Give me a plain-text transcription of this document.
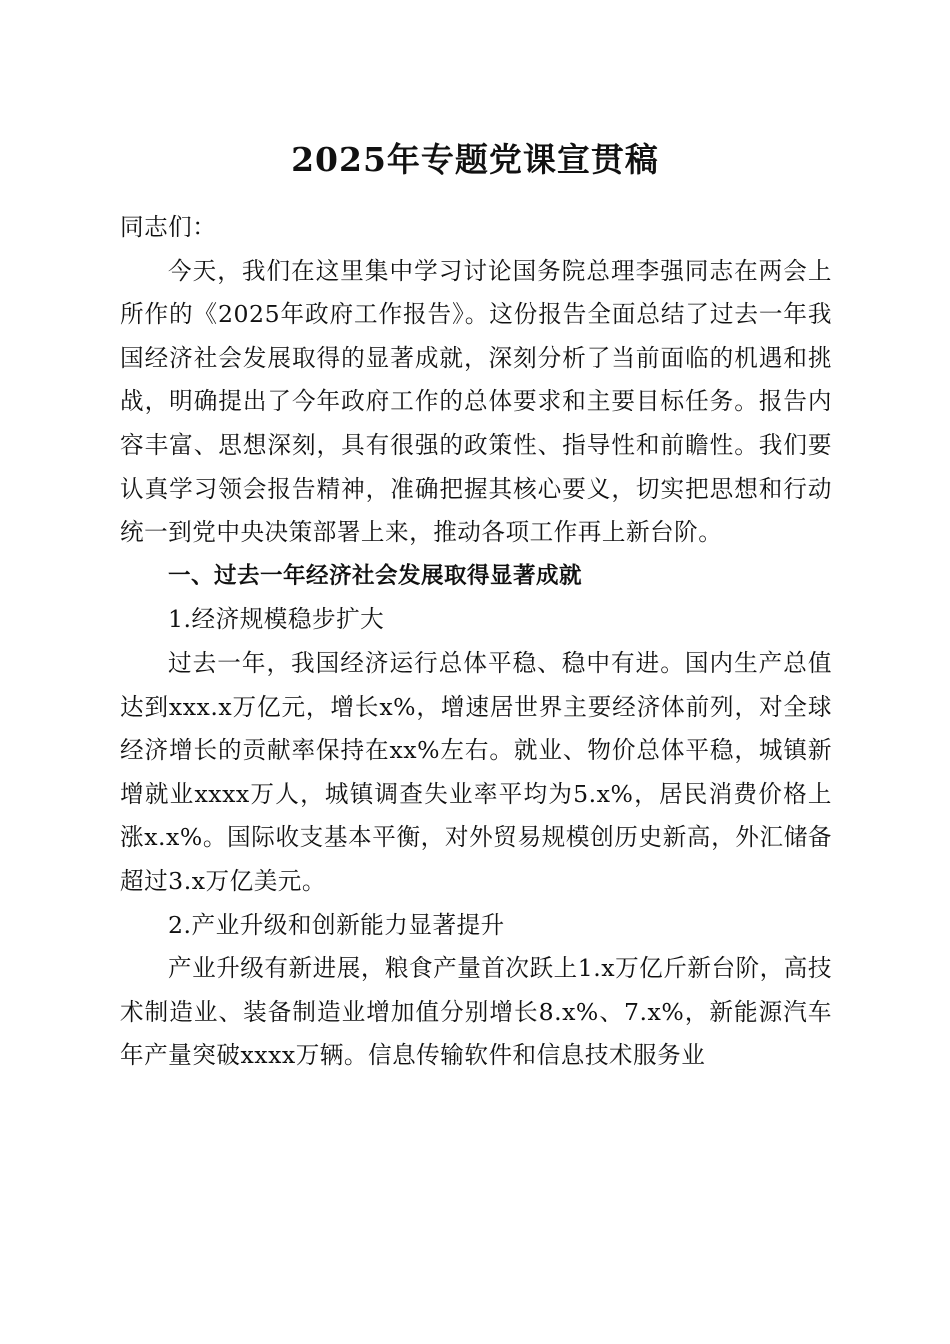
2025年专题党课宣贯稿

同志们：

今天，我们在这里集中学习讨论国务院总理李强同志在两会上所作的《2025年政府工作报告》。这份报告全面总结了过去一年我国经济社会发展取得的显著成就，深刻分析了当前面临的机遇和挑战，明确提出了今年政府工作的总体要求和主要目标任务。报告内容丰富、思想深刻，具有很强的政策性、指导性和前瞻性。我们要认真学习领会报告精神，准确把握其核心要义，切实把思想和行动统一到党中央决策部署上来，推动各项工作再上新台阶。

一、过去一年经济社会发展取得显著成就

1.经济规模稳步扩大

过去一年，我国经济运行总体平稳、稳中有进。国内生产总值达到xxx.x万亿元，增长x%，增速居世界主要经济体前列，对全球经济增长的贡献率保持在xx%左右。就业、物价总体平稳，城镇新增就业xxxx万人，城镇调查失业率平均为5.x%，居民消费价格上涨x.x%。国际收支基本平衡，对外贸易规模创历史新高，外汇储备超过3.x万亿美元。

2.产业升级和创新能力显著提升

产业升级有新进展，粮食产量首次跃上1.x万亿斤新台阶，高技术制造业、装备制造业增加值分别增长8.x%、7.x%，新能源汽车年产量突破xxxx万辆。信息传输软件和信息技术服务业
